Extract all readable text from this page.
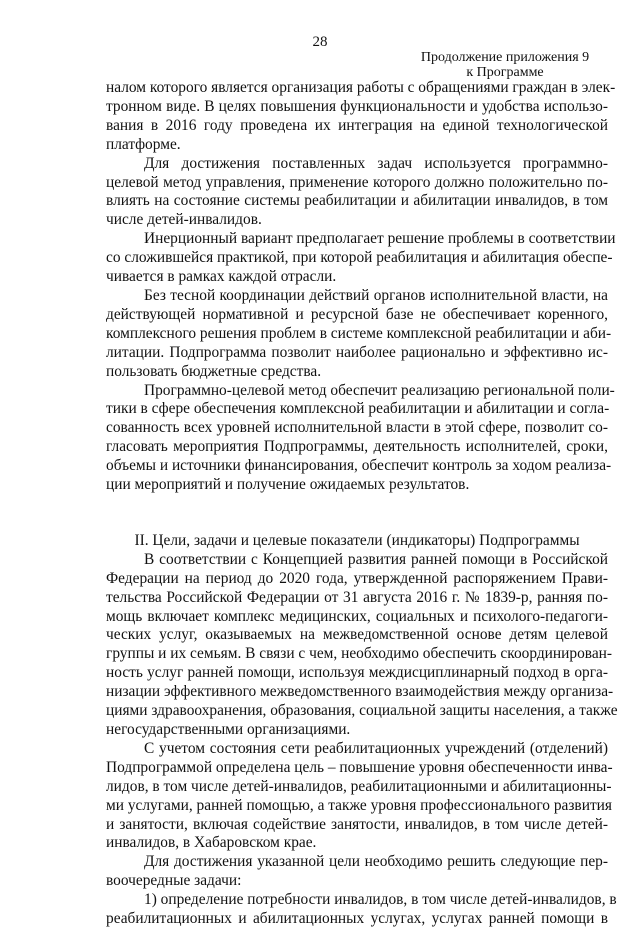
28
Продолжение приложения 9
к Программе
налом которого является организация работы с обращениями граждан в элек-
тронном виде. В целях повышения функциональности и удобства использо-
вания в 2016 году проведена их интеграция на единой технологической
платформе.
Для достижения поставленных задач используется программно-
целевой метод управления, применение которого должно положительно по-
влиять на состояние системы реабилитации и абилитации инвалидов, в том
числе детей-инвалидов.
Инерционный вариант предполагает решение проблемы в соответствии
со сложившейся практикой, при которой реабилитация и абилитация обеспе-
чивается в рамках каждой отрасли.
Без тесной координации действий органов исполнительной власти, на
действующей нормативной и ресурсной базе не обеспечивает коренного,
комплексного решения проблем в системе комплексной реабилитации и аби-
литации. Подпрограмма позволит наиболее рационально и эффективно ис-
пользовать бюджетные средства.
Программно-целевой метод обеспечит реализацию региональной поли-
тики в сфере обеспечения комплексной реабилитации и абилитации и согла-
сованность всех уровней исполнительной власти в этой сфере, позволит со-
гласовать мероприятия Подпрограммы, деятельность исполнителей, сроки,
объемы и источники финансирования, обеспечит контроль за ходом реализа-
ции мероприятий и получение ожидаемых результатов.
II. Цели, задачи и целевые показатели (индикаторы) Подпрограммы
В соответствии с Концепцией развития ранней помощи в Российской
Федерации на период до 2020 года, утвержденной распоряжением Прави-
тельства Российской Федерации от 31 августа 2016 г. № 1839-р, ранняя по-
мощь включает комплекс медицинских, социальных и психолого-педагоги-
ческих услуг, оказываемых на межведомственной основе детям целевой
группы и их семьям. В связи с чем, необходимо обеспечить скоординирован-
ность услуг ранней помощи, используя междисциплинарный подход в орга-
низации эффективного межведомственного взаимодействия между организа-
циями здравоохранения, образования, социальной защиты населения, а также
негосударственными организациями.
С учетом состояния сети реабилитационных учреждений (отделений)
Подпрограммой определена цель – повышение уровня обеспеченности инва-
лидов, в том числе детей-инвалидов, реабилитационными и абилитационны-
ми услугами, ранней помощью, а также уровня профессионального развития
и занятости, включая содействие занятости, инвалидов, в том числе детей-
инвалидов, в Хабаровском крае.
Для достижения указанной цели необходимо решить следующие пер-
воочередные задачи:
1) определение потребности инвалидов, в том числе детей-инвалидов, в
реабилитационных и абилитационных услугах, услугах ранней помощи в
